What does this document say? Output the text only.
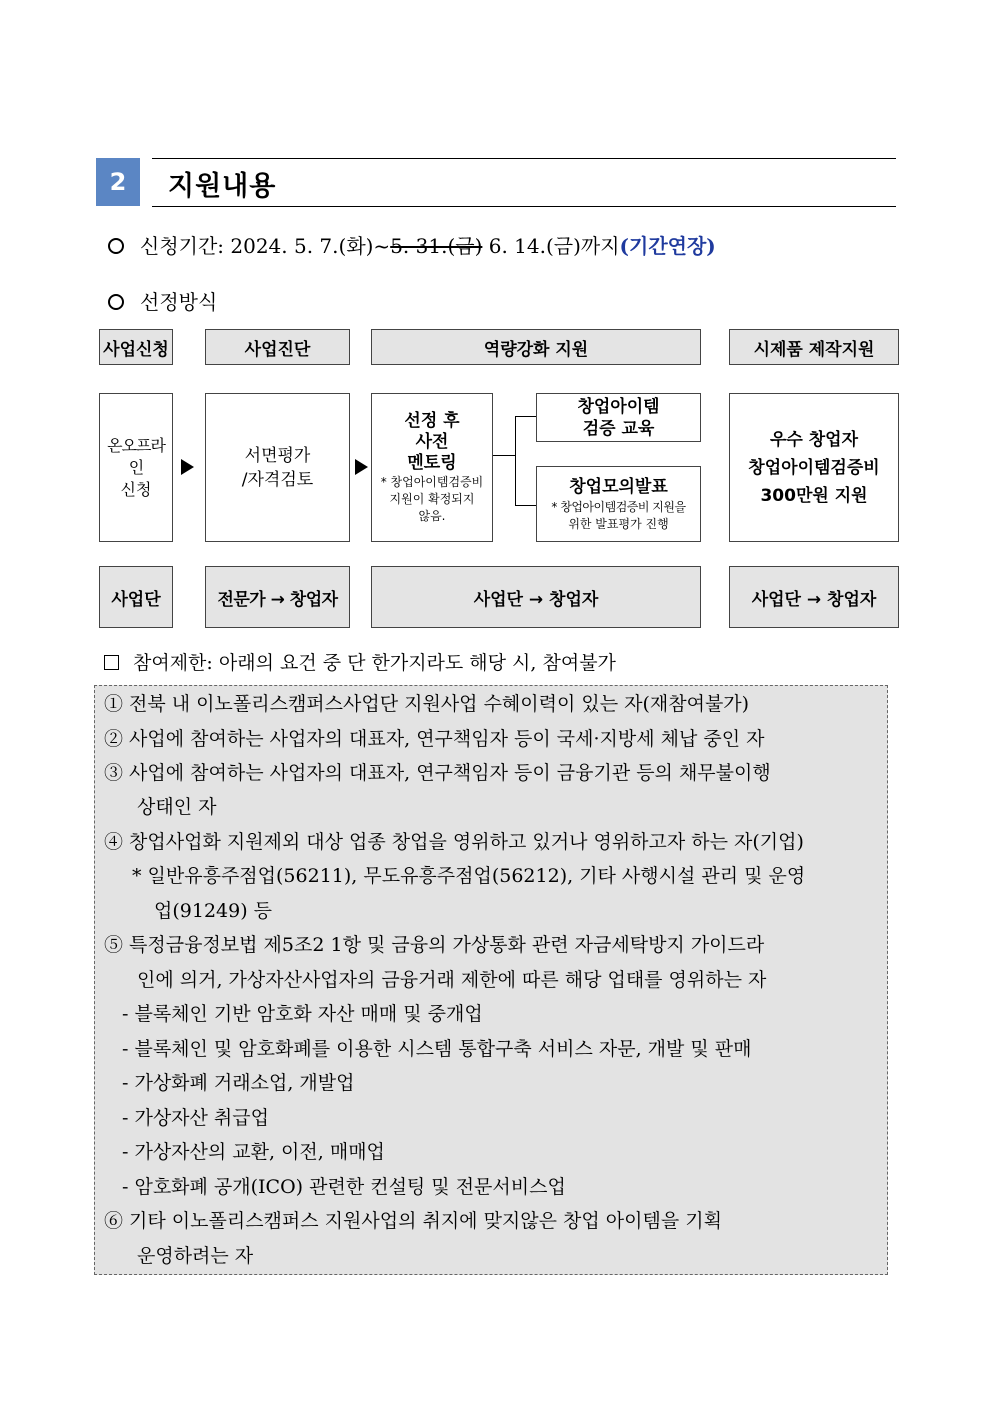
2	지원내용
신청기간: 2024. 5. 7.(화)~5. 31.(금) 6. 14.(금)까지(기간연장)
선정방식
사업신청	사업진단	역량강화 지원	시제품 제작지원
온오프라인
신청
서면평가
/자격검토
선정 후
사전
멘토링
* 창업아이템검증비
지원이 확정되지
않음.
창업아이템
검증 교육
창업모의발표
* 창업아이템검증비 지원을
위한 발표평가 진행
우수 창업자
창업아이템검증비
300만원 지원
사업단	전문가 → 창업자	사업단 → 창업자	사업단 → 창업자
참여제한: 아래의 요건 중 단 한가지라도 해당 시, 참여불가
① 전북 내 이노폴리스캠퍼스사업단 지원사업 수혜이력이 있는 자(재참여불가)
② 사업에 참여하는 사업자의 대표자, 연구책임자 등이 국세·지방세 체납 중인 자
③ 사업에 참여하는 사업자의 대표자, 연구책임자 등이 금융기관 등의 채무불이행
상태인 자
④ 창업사업화 지원제외 대상 업종 창업을 영위하고 있거나 영위하고자 하는 자(기업)
* 일반유흥주점업(56211), 무도유흥주점업(56212), 기타 사행시설 관리 및 운영
업(91249) 등
⑤ 특정금융정보법 제5조2 1항 및 금융의 가상통화 관련 자금세탁방지 가이드라
인에 의거, 가상자산사업자의 금융거래 제한에 따른 해당 업태를 영위하는 자
- 블록체인 기반 암호화 자산 매매 및 중개업
- 블록체인 및 암호화폐를 이용한 시스템 통합구축 서비스 자문, 개발 및 판매
- 가상화폐 거래소업, 개발업
- 가상자산 취급업
- 가상자산의 교환, 이전, 매매업
- 암호화폐 공개(ICO) 관련한 컨설팅 및 전문서비스업
⑥ 기타 이노폴리스캠퍼스 지원사업의 취지에 맞지않은 창업 아이템을 기획
운영하려는 자
